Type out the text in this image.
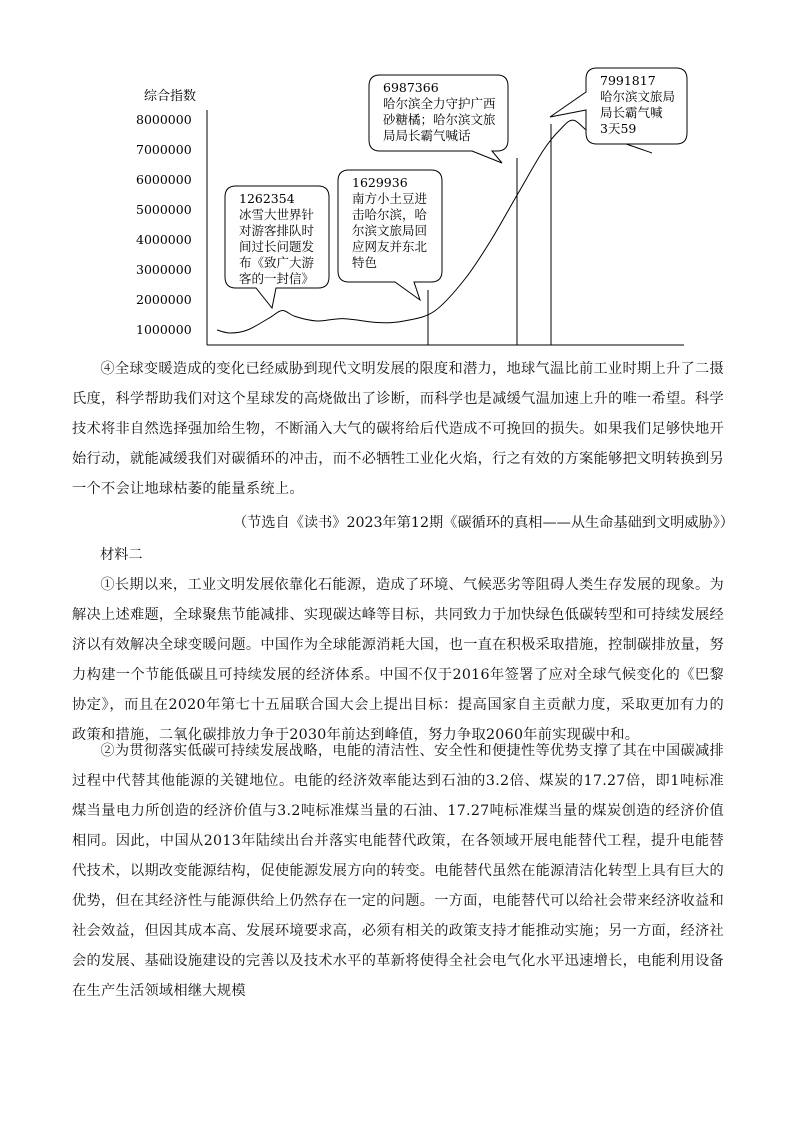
综合指数
8000000
7000000
6000000
5000000
4000000
3000000
2000000
1000000
1262354
冰雪大世界针
对游客排队时
间过长问题发
布《致广大游
客的一封信》
1629936
南方小土豆进
击哈尔滨，哈
尔滨文旅局回
应网友并东北
特色
6987366
哈尔滨全力守护广西
砂糖橘；哈尔滨文旅
局局长霸气喊话
7991817
哈尔滨文旅局
局长霸气喊
3天59

④全球变暖造成的变化已经威胁到现代文明发展的限度和潜力，地球气温比前工业时期上升了二摄氏度，科学帮助我们对这个星球发的高烧做出了诊断，而科学也是减缓气温加速上升的唯一希望。科学技术将非自然选择强加给生物，不断涌入大气的碳将给后代造成不可挽回的损失。如果我们足够快地开始行动，就能减缓我们对碳循环的冲击，而不必牺牲工业化火焰，行之有效的方案能够把文明转换到另一个不会让地球枯萎的能量系统上。

（节选自《读书》2023年第12期《碳循环的真相——从生命基础到文明威胁》）

材料二

①长期以来，工业文明发展依靠化石能源，造成了环境、气候恶劣等阻碍人类生存发展的现象。为解决上述难题，全球聚焦节能减排、实现碳达峰等目标，共同致力于加快绿色低碳转型和可持续发展经济以有效解决全球变暖问题。中国作为全球能源消耗大国，也一直在积极采取措施，控制碳排放量，努力构建一个节能低碳且可持续发展的经济体系。中国不仅于2016年签署了应对全球气候变化的《巴黎协定》，而且在2020年第七十五届联合国大会上提出目标：提高国家自主贡献力度，采取更加有力的政策和措施，二氧化碳排放力争于2030年前达到峰值，努力争取2060年前实现碳中和。

②为贯彻落实低碳可持续发展战略，电能的清洁性、安全性和便捷性等优势支撑了其在中国碳减排过程中代替其他能源的关键地位。电能的经济效率能达到石油的3.2倍、煤炭的17.27倍，即1吨标准煤当量电力所创造的经济价值与3.2吨标准煤当量的石油、17.27吨标准煤当量的煤炭创造的经济价值相同。因此，中国从2013年陆续出台并落实电能替代政策，在各领域开展电能替代工程，提升电能替代技术，以期改变能源结构，促使能源发展方向的转变。电能替代虽然在能源清洁化转型上具有巨大的优势，但在其经济性与能源供给上仍然存在一定的问题。一方面，电能替代可以给社会带来经济收益和社会效益，但因其成本高、发展环境要求高，必须有相关的政策支持才能推动实施；另一方面，经济社会的发展、基础设施建设的完善以及技术水平的革新将使得全社会电气化水平迅速增长，电能利用设备在生产生活领域相继大规模
